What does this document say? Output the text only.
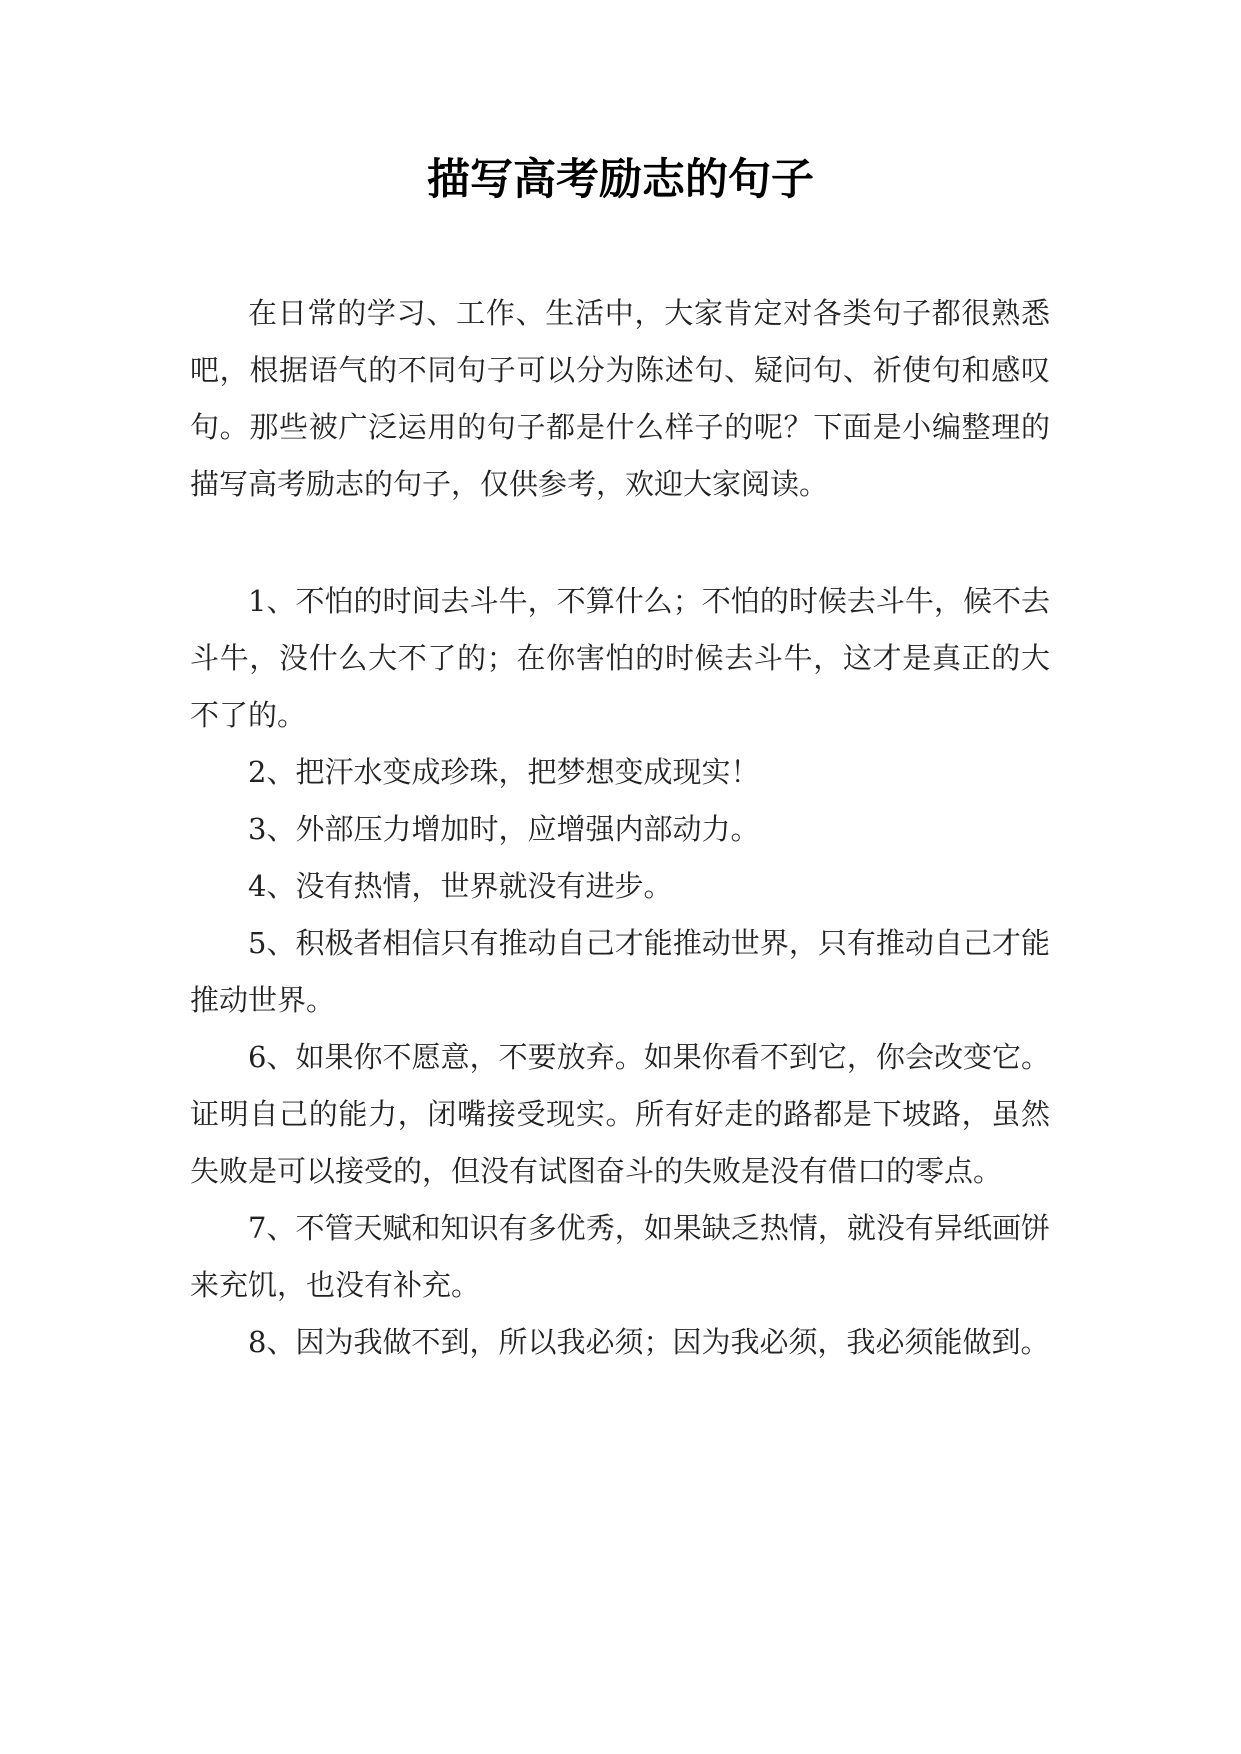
描写高考励志的句子

在日常的学习、工作、生活中，大家肯定对各类句子都很熟悉吧，根据语气的不同句子可以分为陈述句、疑问句、祈使句和感叹句。那些被广泛运用的句子都是什么样子的呢？下面是小编整理的描写高考励志的句子，仅供参考，欢迎大家阅读。

1、不怕的时间去斗牛，不算什么；不怕的时候去斗牛，候不去斗牛，没什么大不了的；在你害怕的时候去斗牛，这才是真正的大不了的。

2、把汗水变成珍珠，把梦想变成现实！

3、外部压力增加时，应增强内部动力。

4、没有热情，世界就没有进步。

5、积极者相信只有推动自己才能推动世界，只有推动自己才能推动世界。

6、如果你不愿意，不要放弃。如果你看不到它，你会改变它。证明自己的能力，闭嘴接受现实。所有好走的路都是下坡路，虽然失败是可以接受的，但没有试图奋斗的失败是没有借口的零点。

7、不管天赋和知识有多优秀，如果缺乏热情，就没有异纸画饼来充饥，也没有补充。

8、因为我做不到，所以我必须；因为我必须，我必须能做到。
